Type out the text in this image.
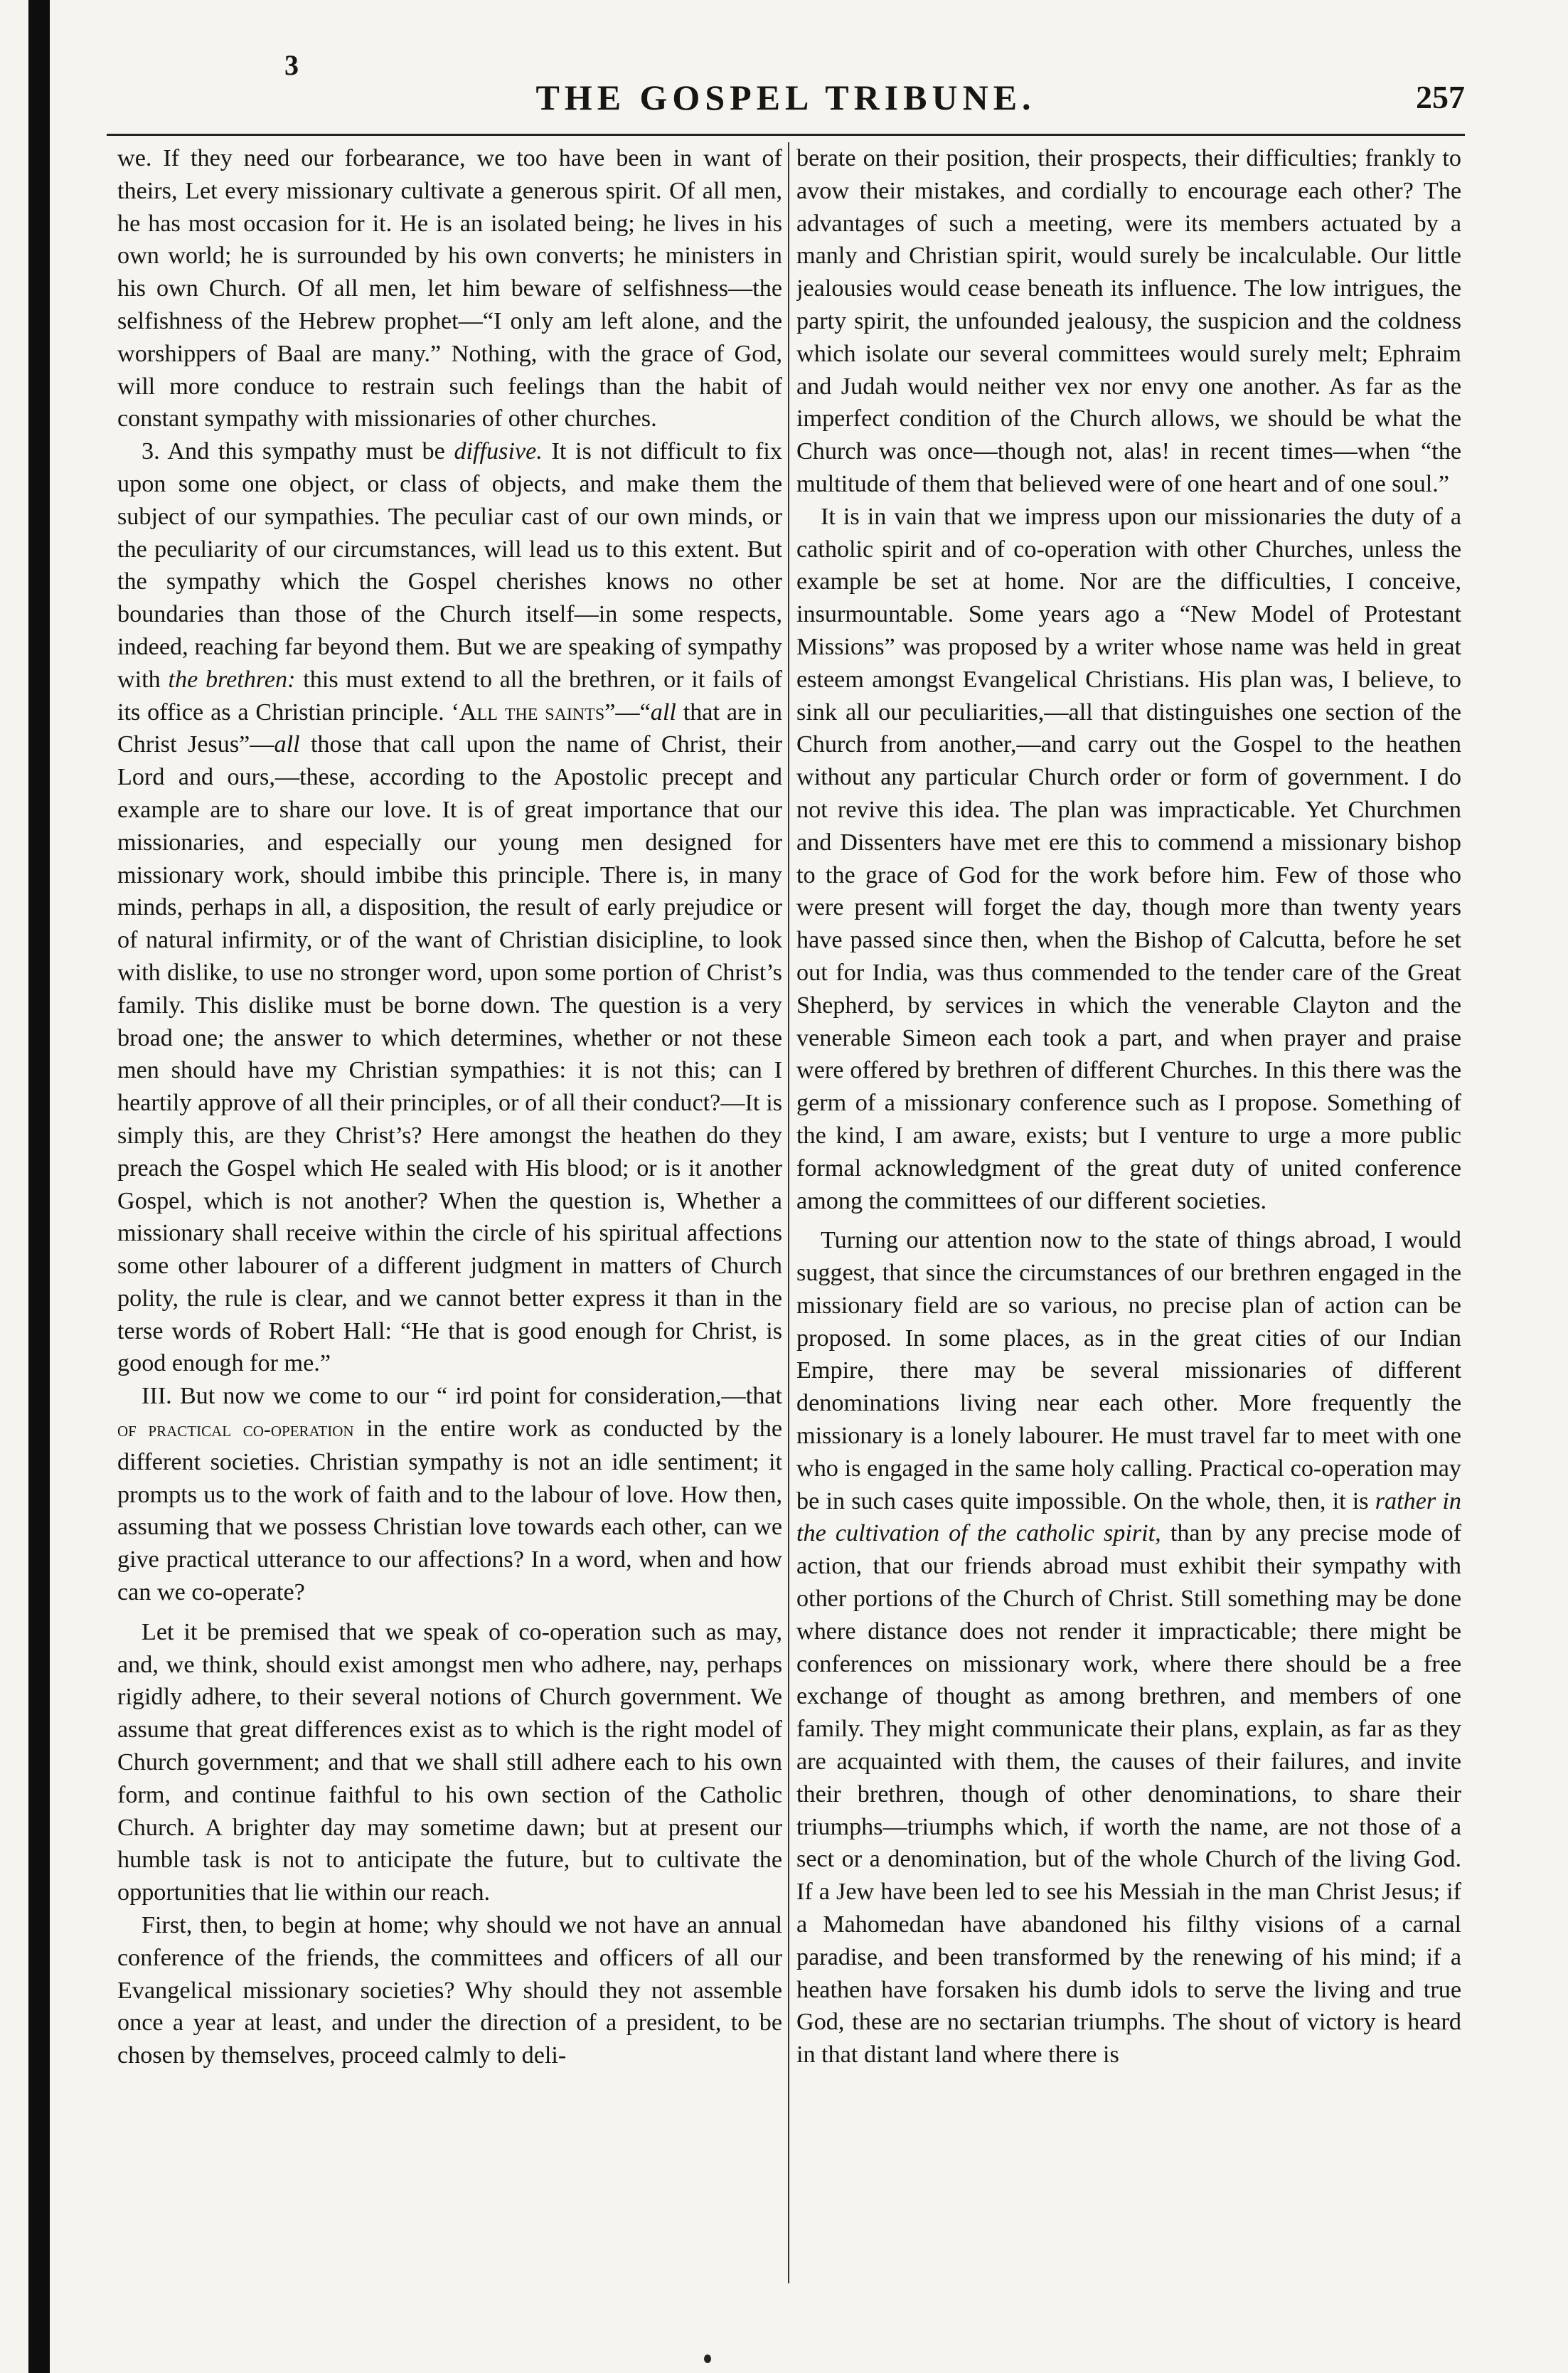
3
THE GOSPEL TRIBUNE.	257

we. If they need our forbearance, we too have been in want of theirs, Let every missionary cultivate a generous spirit. Of all men, he has most occasion for it. He is an isolated being; he lives in his own world; he is surrounded by his own converts; he ministers in his own Church. Of all men, let him beware of selfishness—the selfishness of the Hebrew prophet—“I only am left alone, and the worshippers of Baal are many.” Nothing, with the grace of God, will more conduce to restrain such feelings than the habit of constant sympathy with missionaries of other churches.

3. And this sympathy must be diffusive. It is not difficult to fix upon some one object, or class of objects, and make them the subject of our sympathies. The peculiar cast of our own minds, or the peculiarity of our circumstances, will lead us to this extent. But the sympathy which the Gospel cherishes knows no other boundaries than those of the Church itself—in some respects, indeed, reaching far beyond them. But we are speaking of sympathy with the brethren: this must extend to all the brethren, or it fails of its office as a Christian principle. ‘All the saints”—“all that are in Christ Jesus”—all those that call upon the name of Christ, their Lord and ours,—these, according to the Apostolic precept and example are to share our love. It is of great importance that our missionaries, and especially our young men designed for missionary work, should imbibe this principle. There is, in many minds, perhaps in all, a disposition, the result of early prejudice or of natural infirmity, or of the want of Christian disicipline, to look with dislike, to use no stronger word, upon some portion of Christ’s family. This dislike must be borne down. The question is a very broad one; the answer to which determines, whether or not these men should have my Christian sympathies: it is not this; can I heartily approve of all their principles, or of all their conduct?—It is simply this, are they Christ’s? Here amongst the heathen do they preach the Gospel which He sealed with His blood; or is it another Gospel, which is not another? When the question is, Whether a missionary shall receive within the circle of his spiritual affections some other labourer of a different judgment in matters of Church polity, the rule is clear, and we cannot better express it than in the terse words of Robert Hall: “He that is good enough for Christ, is good enough for me.”

III. But now we come to our “ ird point for consideration,—that of practical co-operation in the entire work as conducted by the different societies. Christian sympathy is not an idle sentiment; it prompts us to the work of faith and to the labour of love. How then, assuming that we possess Christian love towards each other, can we give practical utterance to our affections? In a word, when and how can we co-operate?

Let it be premised that we speak of co-operation such as may, and, we think, should exist amongst men who adhere, nay, perhaps rigidly adhere, to their several notions of Church government. We assume that great differences exist as to which is the right model of Church government; and that we shall still adhere each to his own form, and continue faithful to his own section of the Catholic Church. A brighter day may sometime dawn; but at present our humble task is not to anticipate the future, but to cultivate the opportunities that lie within our reach.

First, then, to begin at home; why should we not have an annual conference of the friends, the committees and officers of all our Evangelical missionary societies? Why should they not assemble once a year at least, and under the direction of a president, to be chosen by themselves, proceed calmly to deli-

berate on their position, their prospects, their difficulties; frankly to avow their mistakes, and cordially to encourage each other? The advantages of such a meeting, were its members actuated by a manly and Christian spirit, would surely be incalculable. Our little jealousies would cease beneath its influence. The low intrigues, the party spirit, the unfounded jealousy, the suspicion and the coldness which isolate our several committees would surely melt; Ephraim and Judah would neither vex nor envy one another. As far as the imperfect condition of the Church allows, we should be what the Church was once—though not, alas! in recent times—when “the multitude of them that believed were of one heart and of one soul.”

It is in vain that we impress upon our missionaries the duty of a catholic spirit and of co-operation with other Churches, unless the example be set at home. Nor are the difficulties, I conceive, insurmountable. Some years ago a “New Model of Protestant Missions” was proposed by a writer whose name was held in great esteem amongst Evangelical Christians. His plan was, I believe, to sink all our peculiarities,—all that distinguishes one section of the Church from another,—and carry out the Gospel to the heathen without any particular Church order or form of government. I do not revive this idea. The plan was impracticable. Yet Churchmen and Dissenters have met ere this to commend a missionary bishop to the grace of God for the work before him. Few of those who were present will forget the day, though more than twenty years have passed since then, when the Bishop of Calcutta, before he set out for India, was thus commended to the tender care of the Great Shepherd, by services in which the venerable Clayton and the venerable Simeon each took a part, and when prayer and praise were offered by brethren of different Churches. In this there was the germ of a missionary conference such as I propose. Something of the kind, I am aware, exists; but I venture to urge a more public formal acknowledgment of the great duty of united conference among the committees of our different societies.

Turning our attention now to the state of things abroad, I would suggest, that since the circumstances of our brethren engaged in the missionary field are so various, no precise plan of action can be proposed. In some places, as in the great cities of our Indian Empire, there may be several missionaries of different denominations living near each other. More frequently the missionary is a lonely labourer. He must travel far to meet with one who is engaged in the same holy calling. Practical co-operation may be in such cases quite impossible. On the whole, then, it is rather in the cultivation of the catholic spirit, than by any precise mode of action, that our friends abroad must exhibit their sympathy with other portions of the Church of Christ. Still something may be done where distance does not render it impracticable; there might be conferences on missionary work, where there should be a free exchange of thought as among brethren, and members of one family. They might communicate their plans, explain, as far as they are acquainted with them, the causes of their failures, and invite their brethren, though of other denominations, to share their triumphs—triumphs which, if worth the name, are not those of a sect or a denomination, but of the whole Church of the living God. If a Jew have been led to see his Messiah in the man Christ Jesus; if a Mahomedan have abandoned his filthy visions of a carnal paradise, and been transformed by the renewing of his mind; if a heathen have forsaken his dumb idols to serve the living and true God, these are no sectarian triumphs. The shout of victory is heard in that distant land where there is
